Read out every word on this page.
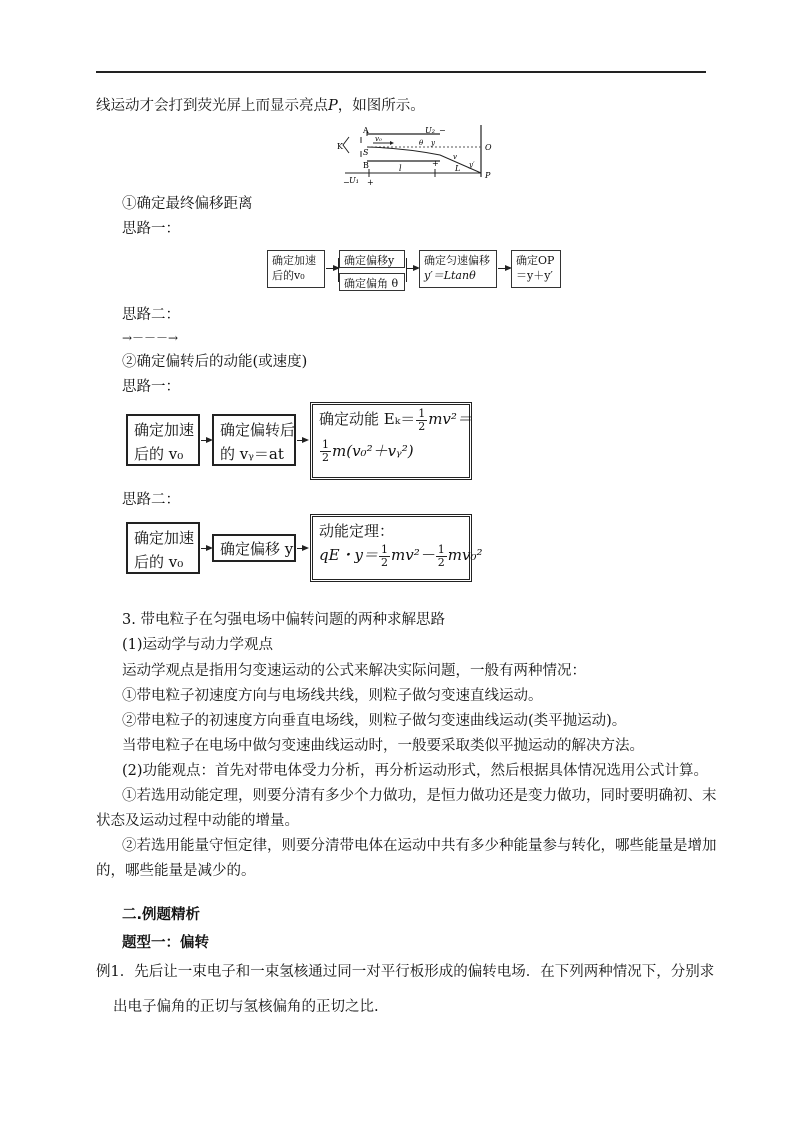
线运动才会打到荧光屏上而显示亮点P，如图所示。
A
B
K
S
O
P
v₀
U₂ −
+
θ y
v
y′
l	L
U₁
− +
①确定最终偏移距离
思路一：
确定加速
后的v₀
确定偏移y
确定偏角 θ
确定匀速偏移
y′＝Ltanθ
确定OP
＝y＋y′
思路二：
→－－－→
②确定偏转后的动能(或速度)
思路一：
确定加速
后的 v₀
确定偏转后
的 vᵧ＝at
确定动能 $E_k= \frac{1}{2} mv^2=$
$\frac{1}{2}$ m(v₀²＋vᵧ²)
思路二：
确定加速
后的 v₀
确定偏移 y
动能定理：
qE・$y= \frac{1}{2} mv^2- \frac{1}{2} mv_0^2$
3. 带电粒子在匀强电场中偏转问题的两种求解思路
(1)运动学与动力学观点
运动学观点是指用匀变速运动的公式来解决实际问题，一般有两种情况：
①带电粒子初速度方向与电场线共线，则粒子做匀变速直线运动。
②带电粒子的初速度方向垂直电场线，则粒子做匀变速曲线运动(类平抛运动)。
当带电粒子在电场中做匀变速曲线运动时，一般要采取类似平抛运动的解决方法。
(2)功能观点：首先对带电体受力分析，再分析运动形式，然后根据具体情况选用公式计算。
①若选用动能定理，则要分清有多少个力做功，是恒力做功还是变力做功，同时要明确初、末
状态及运动过程中动能的增量。
②若选用能量守恒定律，则要分清带电体在运动中共有多少种能量参与转化，哪些能量是增加
的，哪些能量是减少的。
二.例题精析
题型一：偏转
例1．先后让一束电子和一束氢核通过同一对平行板形成的偏转电场．在下列两种情况下，分别求
出电子偏角的正切与氢核偏角的正切之比.
